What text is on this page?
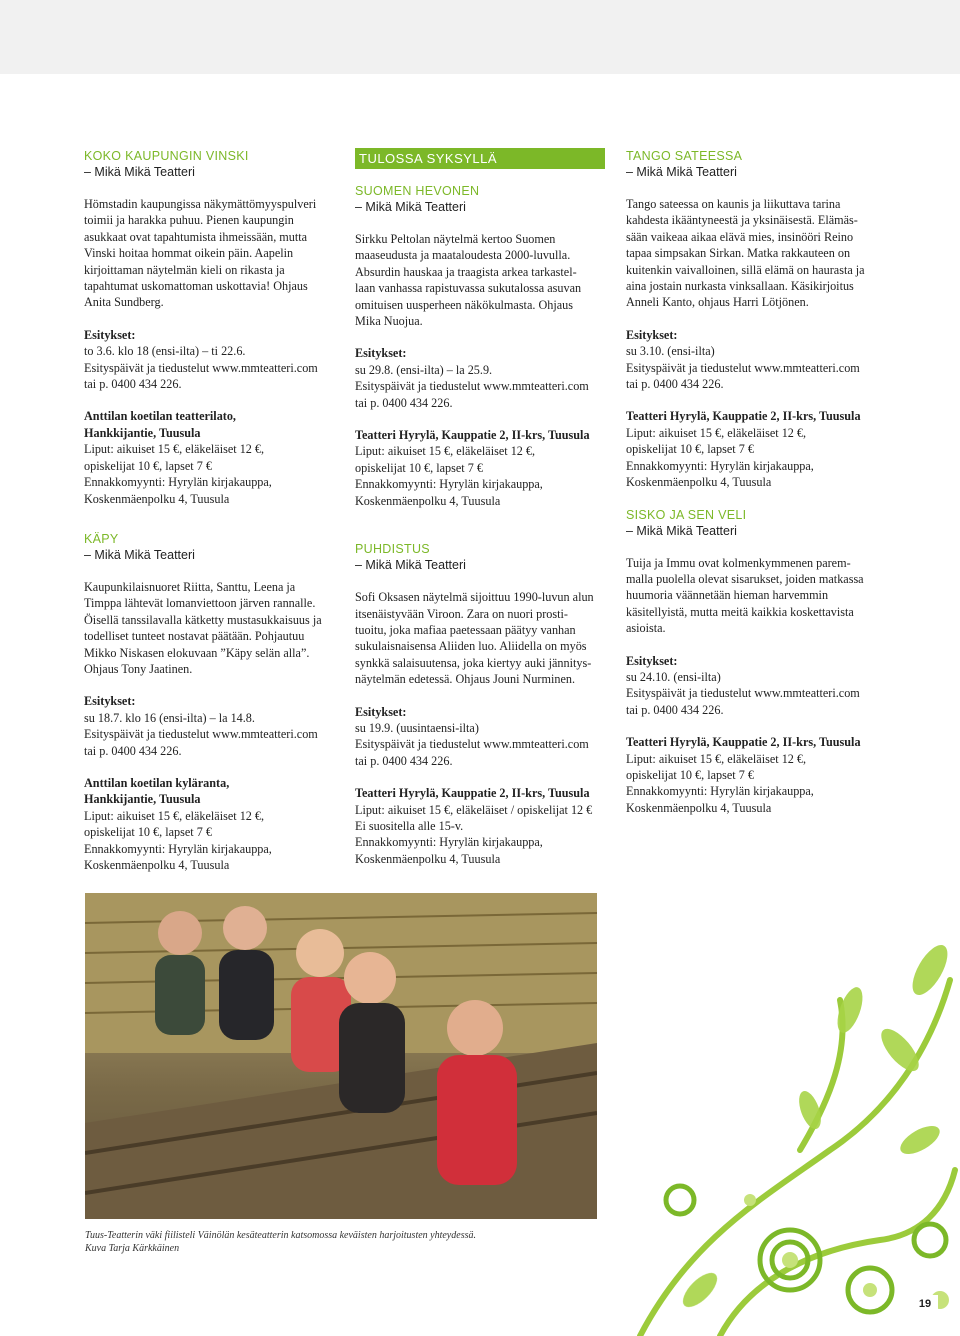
KOKO KAUPUNGIN VINSKI

– Mikä Mikä Teatteri

Hömstadin kaupungissa näkymättömyyspulveri

toimii ja harakka puhuu. Pienen kaupungin

asukkaat ovat tapahtumista ihmeissään, mutta

Vinski hoitaa hommat oikein päin. Aapelin

kirjoittaman näytelmän kieli on rikasta ja

tapahtumat uskomattoman uskottavia! Ohjaus

Anita Sundberg.

Esitykset:

to 3.6. klo 18 (ensi-ilta) – ti 22.6.

Esityspäivät ja tiedustelut www.mmteatteri.com

tai p. 0400 434 226.

Anttilan koetilan teatterilato,

Hankkijantie, Tuusula

Liput: aikuiset 15 €, eläkeläiset 12 €,

opiskelijat 10 €, lapset 7 €

Ennakkomyynti: Hyrylän kirjakauppa,

Koskenmäenpolku 4, Tuusula

KÄPY

– Mikä Mikä Teatteri

Kaupunkilaisnuoret Riitta, Santtu, Leena ja

Timppa lähtevät lomanviettoon järven rannalle.

Öisellä tanssilavalla kätketty mustasukkaisuus ja

todelliset tunteet nostavat päätään. Pohjautuu

Mikko Niskasen elokuvaan ”Käpy selän alla”.

Ohjaus Tony Jaatinen.

Esitykset:

su 18.7. klo 16 (ensi-ilta) – la 14.8.

Esityspäivät ja tiedustelut www.mmteatteri.com

tai p. 0400 434 226.

Anttilan koetilan kyläranta,

Hankkijantie, Tuusula

Liput: aikuiset 15 €, eläkeläiset 12 €,

opiskelijat 10 €, lapset 7 €

Ennakkomyynti: Hyrylän kirjakauppa,

Koskenmäenpolku 4, Tuusula

TULOSSA SYKSYLLÄ

SUOMEN HEVONEN

– Mikä Mikä Teatteri

Sirkku Peltolan näytelmä kertoo Suomen

maaseudusta ja maataloudesta 2000-luvulla.

Absurdin hauskaa ja traagista arkea tarkastel-

laan vanhassa rapistuvassa sukutalossa asuvan

omituisen uusperheen näkökulmasta. Ohjaus

Mika Nuojua.

Esitykset:

su 29.8. (ensi-ilta) – la 25.9.

Esityspäivät ja tiedustelut www.mmteatteri.com

tai p. 0400 434 226.

Teatteri Hyrylä, Kauppatie 2, II-krs, Tuusula

Liput: aikuiset 15 €, eläkeläiset 12 €,

opiskelijat 10 €, lapset 7 €

Ennakkomyynti: Hyrylän kirjakauppa,

Koskenmäenpolku 4, Tuusula

PUHDISTUS

– Mikä Mikä Teatteri

Sofi Oksasen näytelmä sijoittuu 1990-luvun alun

itsenäistyvään Viroon. Zara on nuori prosti-

tuoitu, joka mafiaa paetessaan päätyy vanhan

sukulaisnaisensa Aliiden luo. Aliidella on myös

synkkä salaisuutensa, joka kiertyy auki jännitys-

näytelmän edetessä. Ohjaus Jouni Nurminen.

Esitykset:

su 19.9. (uusintaensi-ilta)

Esityspäivät ja tiedustelut www.mmteatteri.com

tai p. 0400 434 226.

Teatteri Hyrylä, Kauppatie 2, II-krs, Tuusula

Liput: aikuiset 15 €, eläkeläiset / opiskelijat 12 €

Ei suositella alle 15-v.

Ennakkomyynti: Hyrylän kirjakauppa,

Koskenmäenpolku 4, Tuusula

TANGO SATEESSA

– Mikä Mikä Teatteri

Tango sateessa on kaunis ja liikuttava tarina

kahdesta ikääntyneestä ja yksinäisestä. Elämäs-

sään vaikeaa aikaa elävä mies, insinööri Reino

tapaa simpsakan Sirkan. Matka rakkauteen on

kuitenkin vaivalloinen, sillä elämä on haurasta ja

aina jostain nurkasta vinksallaan. Käsikirjoitus

Anneli Kanto, ohjaus Harri Lötjönen.

Esitykset:

su 3.10. (ensi-ilta)

Esityspäivät ja tiedustelut www.mmteatteri.com

tai p. 0400 434 226.

Teatteri Hyrylä, Kauppatie 2, II-krs, Tuusula

Liput: aikuiset 15 €, eläkeläiset 12 €,

opiskelijat 10 €, lapset 7 €

Ennakkomyynti: Hyrylän kirjakauppa,

Koskenmäenpolku 4, Tuusula

SISKO JA SEN VELI

– Mikä Mikä Teatteri

Tuija ja Immu ovat kolmenkymmenen parem-

malla puolella olevat sisarukset, joiden matkassa

huumoria väännetään hieman harvemmin

käsitellyistä, mutta meitä kaikkia koskettavista

asioista.

Esitykset:

su 24.10. (ensi-ilta)

Esityspäivät ja tiedustelut www.mmteatteri.com

tai p. 0400 434 226.

Teatteri Hyrylä, Kauppatie 2, II-krs, Tuusula

Liput: aikuiset 15 €, eläkeläiset 12 €,

opiskelijat 10 €, lapset 7 €

Ennakkomyynti: Hyrylän kirjakauppa,

Koskenmäenpolku 4, Tuusula

Tuus-Teatterin väki fiilisteli Väinölän kesäteatterin katsomossa keväisten harjoitusten yhteydessä.

Kuva Tarja Kärkkäinen

19
